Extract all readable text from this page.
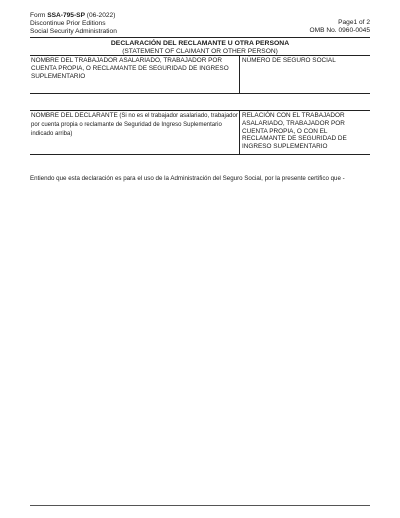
Form SSA-795-SP (06-2022)
Discontinue Prior Editions
Social Security Administration
Page1 of 2
OMB No. 0960-0045
DECLARACIÓN DEL RECLAMANTE U OTRA PERSONA
(STATEMENT OF CLAIMANT OR OTHER PERSON)
NOMBRE DEL TRABAJADOR ASALARIADO, TRABAJADOR POR CUENTA PROPIA, O RECLAMANTE DE SEGURIDAD DE INGRESO SUPLEMENTARIO
NÚMERO DE SEGURO SOCIAL
NOMBRE DEL DECLARANTE (Si no es el trabajador asalariado, trabajador por cuenta propia o reclamante de Seguridad de Ingreso Suplementario indicado arriba)
RELACIÓN CON EL TRABAJADOR ASALARIADO, TRABAJADOR POR CUENTA PROPIA, O CON EL RECLAMANTE DE SEGURIDAD DE INGRESO SUPLEMENTARIO
Entiendo que esta declaración es para el uso de la Administración del Seguro Social, por la presente certifico que -
